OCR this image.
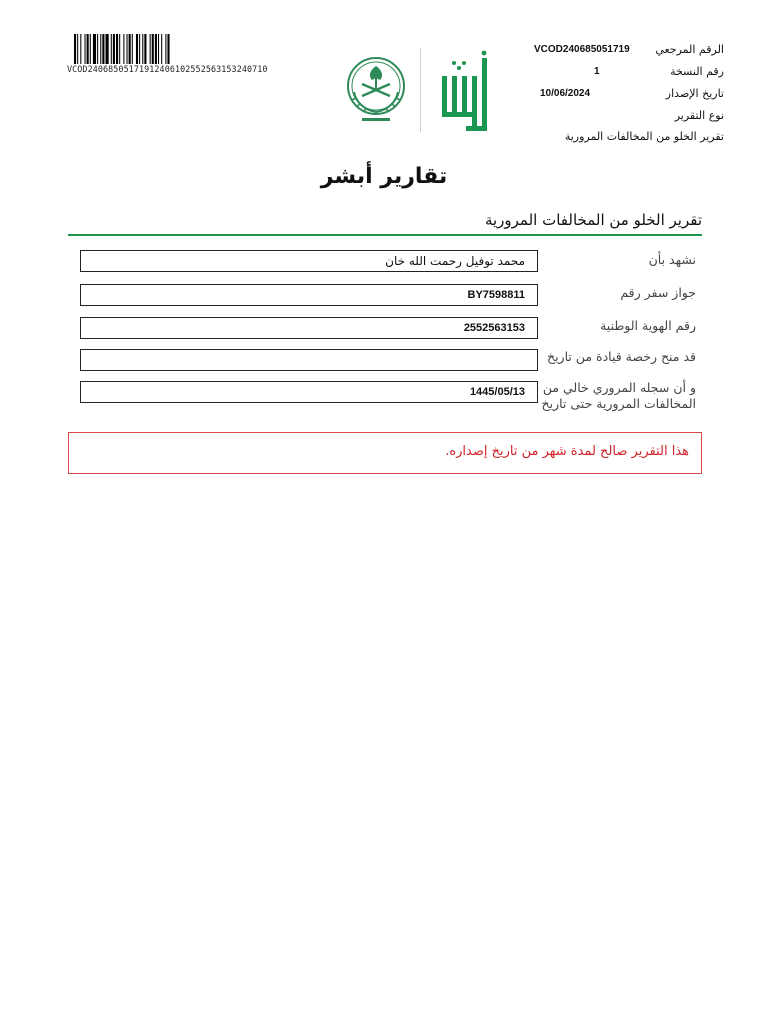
VCOD2406850517191240610255256315324071‌0
الرقم المرجعي
VCOD240685051719
رقم النسخة
1
تاريخ الإصدار
10/06/2024
نوع التقرير
تقرير الخلو من المخالفات المرورية
تقارير أبشر
تقرير الخلو من المخالفات المرورية
نشهد بأن
محمد توفيل رحمت الله خان
جواز سفر رقم
BY7598811
رقم الهوية الوطنية
2552563153
قد منح رخصة قيادة من تاريخ
و أن سجله المروري خالي من المخالفات المرورية حتى تاريخ
1445/05/13
هذا التقرير صالح لمدة شهر من تاريخ إصداره.
